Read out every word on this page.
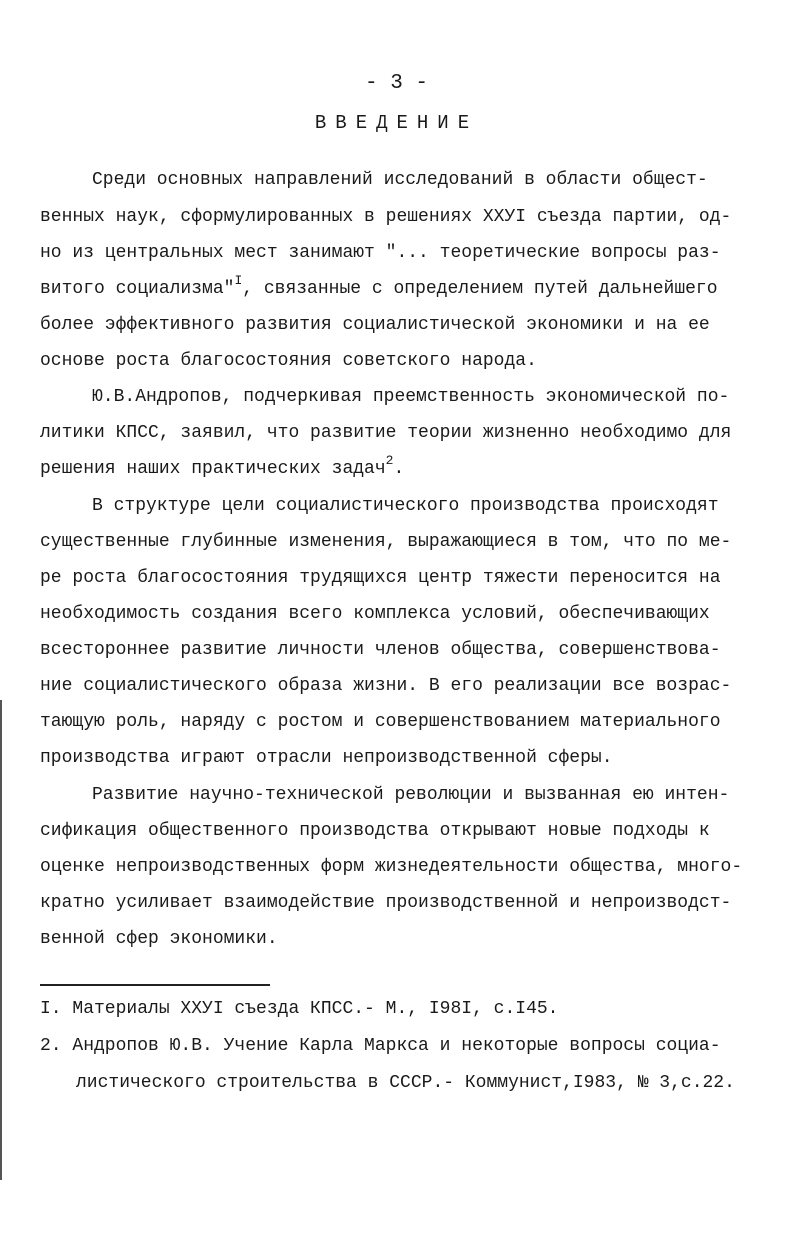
- 3 -
ВВЕДЕНИЕ
Среди основных направлений исследований в области общест-
венных наук, сформулированных в решениях ХХУI съезда партии, од-
но из центральных мест занимают "... теоретические вопросы раз-
витого социализма"$^I$, связанные с определением путей дальнейшего
более эффективного развития социалистической экономики и на ее
основе роста благосостояния советского народа.
Ю.В.Андропов, подчеркивая преемственность экономической по-
литики КПСС, заявил, что развитие теории жизненно необходимо для
решения наших практических задач$^2$.
В структуре цели социалистического производства происходят
существенные глубинные изменения, выражающиеся в том, что по ме-
ре роста благосостояния трудящихся центр тяжести переносится на
необходимость создания всего комплекса условий, обеспечивающих
всестороннее развитие личности членов общества, совершенствова-
ние социалистического образа жизни. В его реализации все возрас-
тающую роль, наряду с ростом и совершенствованием материального
производства играют отрасли непроизводственной сферы.
Развитие научно-технической революции и вызванная ею интен-
сификация общественного производства открывают новые подходы к
оценке непроизводственных форм жизнедеятельности общества, много-
кратно усиливает взаимодействие производственной и непроизводст-
венной сфер экономики.
I. Материалы ХХУI съезда КПСС.- М., I98I, с.I45.
2. Андропов Ю.В. Учение Карла Маркса и некоторые вопросы социа-
листического строительства в СССР.- Коммунист,I983, № 3,с.22.
